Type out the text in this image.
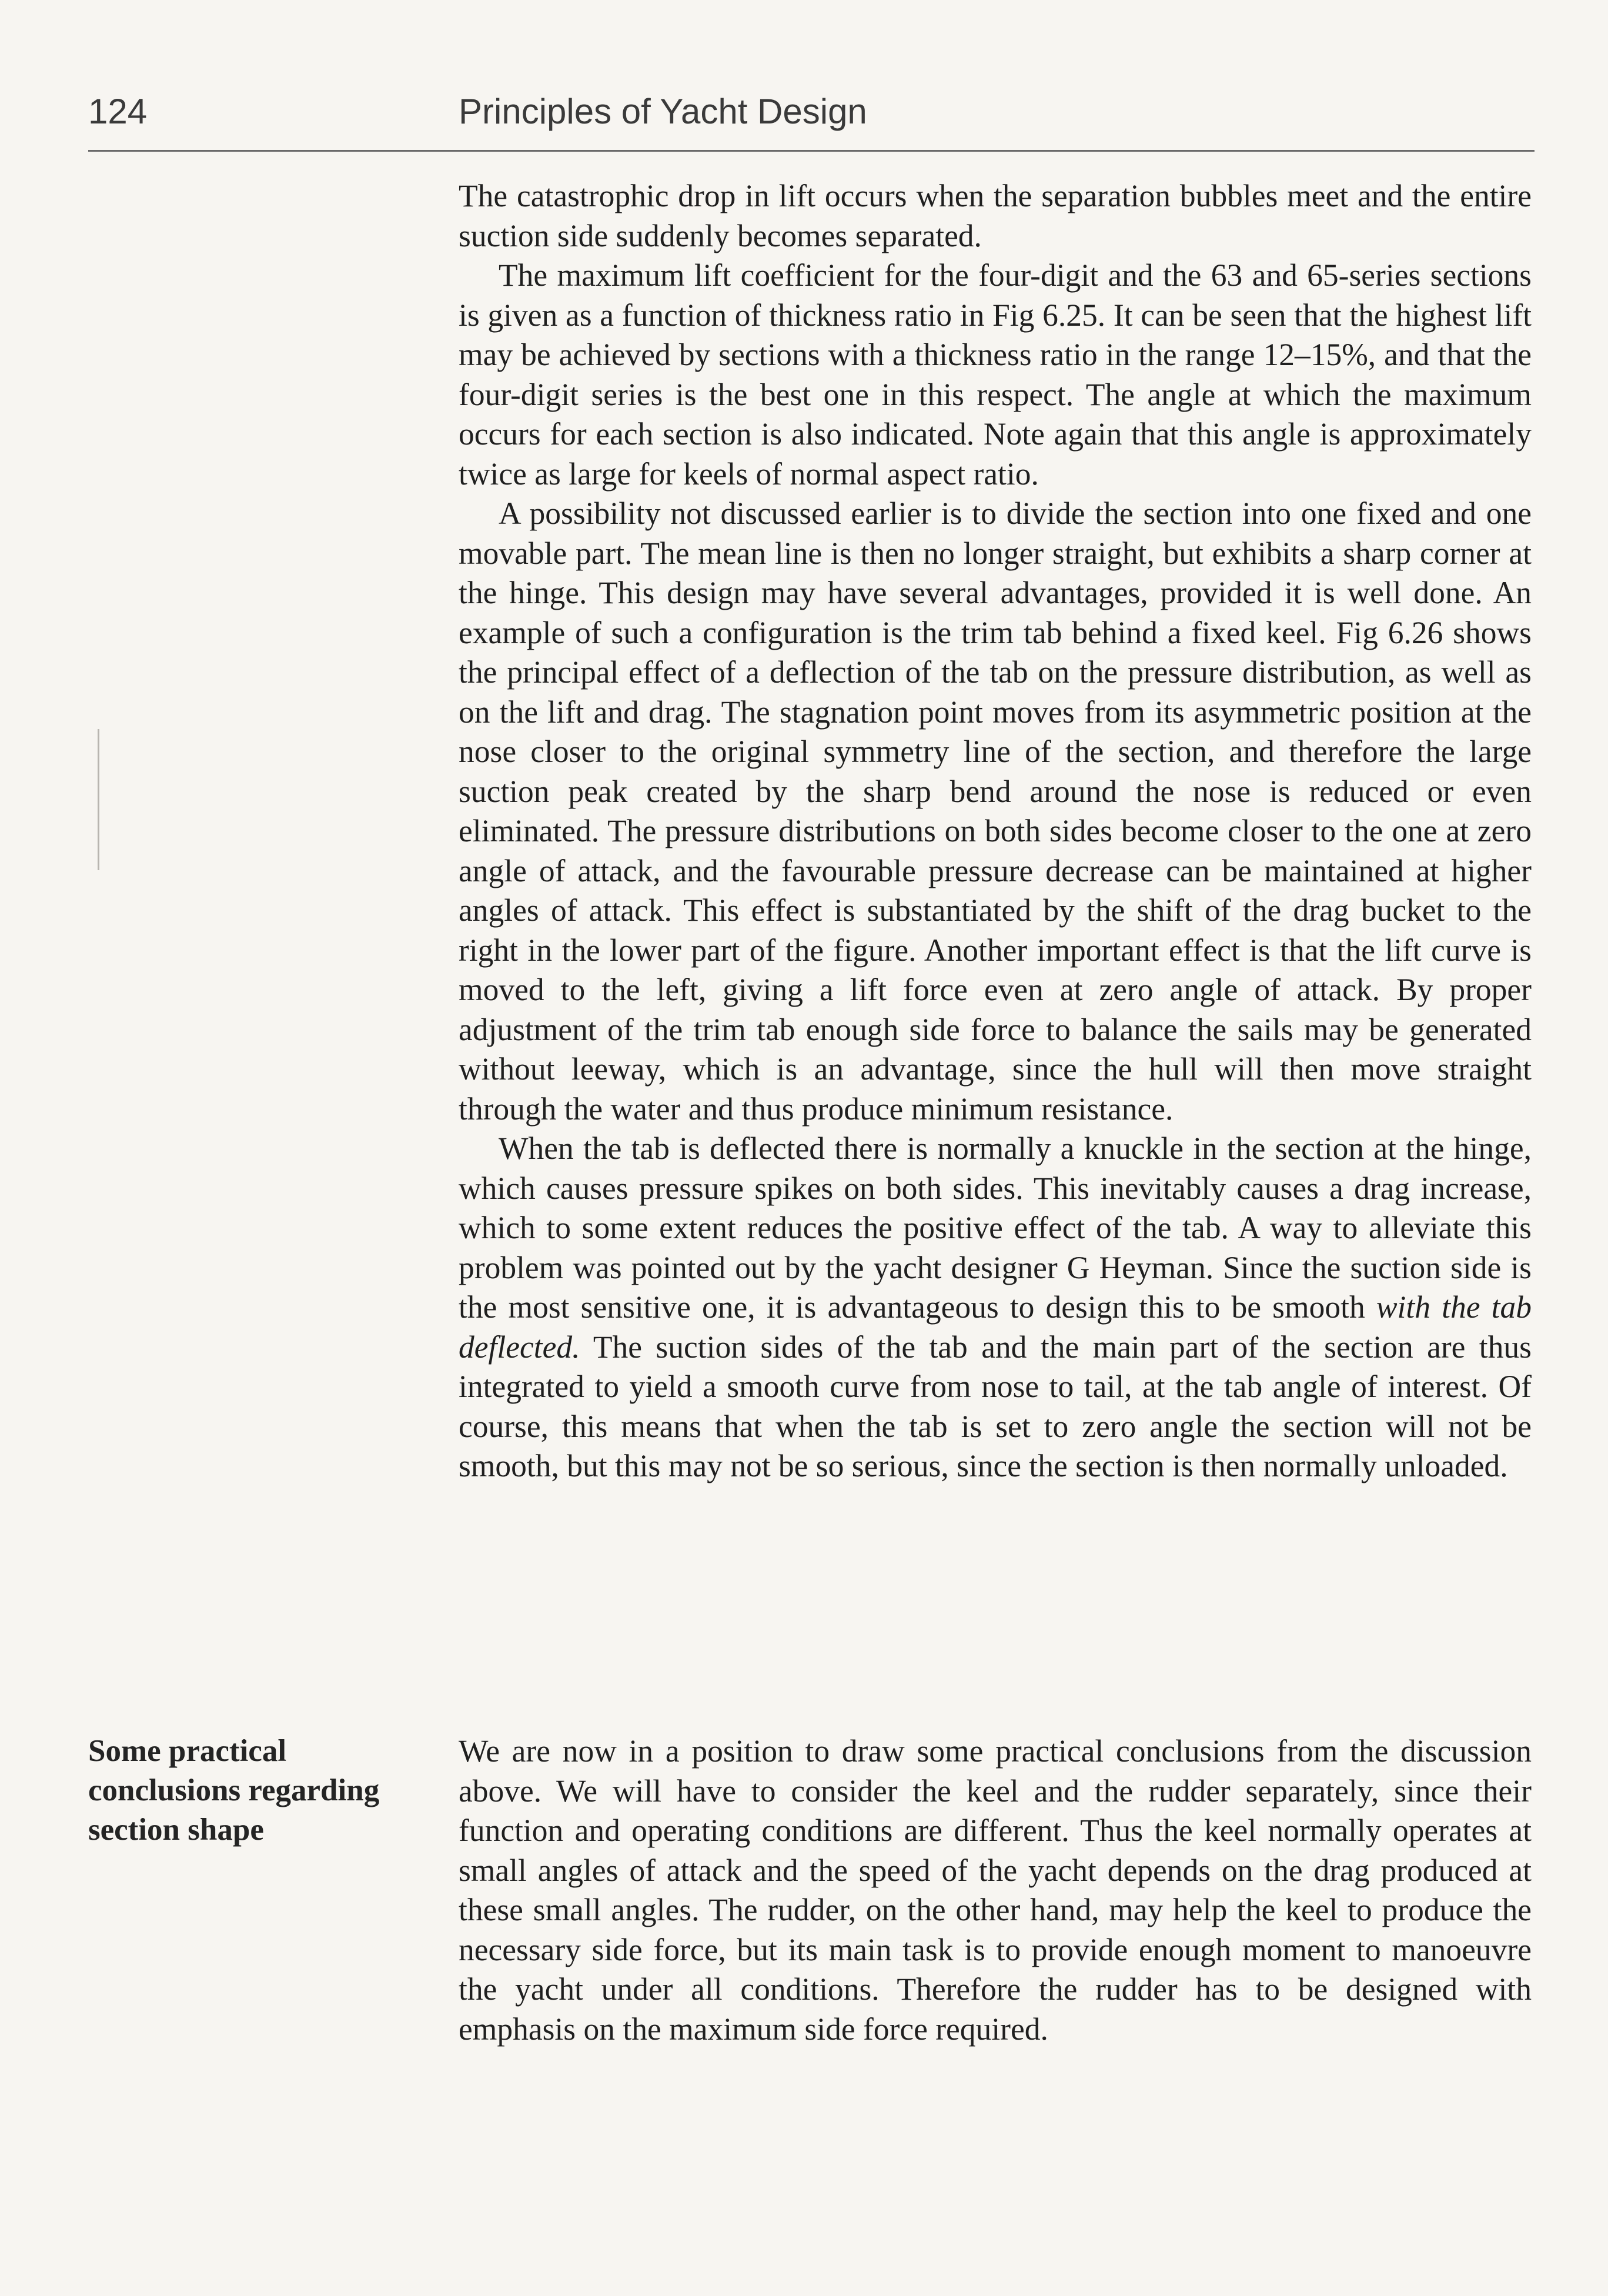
124	Principles of Yacht Design

The catastrophic drop in lift occurs when the separation bubbles meet and the entire suction side suddenly becomes separated.

The maximum lift coefficient for the four-digit and the 63 and 65-series sections is given as a function of thickness ratio in Fig 6.25. It can be seen that the highest lift may be achieved by sections with a thickness ratio in the range 12–15%, and that the four-digit series is the best one in this respect. The angle at which the maximum occurs for each section is also indicated. Note again that this angle is approximately twice as large for keels of normal aspect ratio.

A possibility not discussed earlier is to divide the section into one fixed and one movable part. The mean line is then no longer straight, but exhibits a sharp corner at the hinge. This design may have several advantages, provided it is well done. An example of such a configuration is the trim tab behind a fixed keel. Fig 6.26 shows the principal effect of a deflection of the tab on the pressure distribution, as well as on the lift and drag. The stagnation point moves from its asymmetric position at the nose closer to the original symmetry line of the section, and therefore the large suction peak created by the sharp bend around the nose is reduced or even eliminated. The pressure distributions on both sides become closer to the one at zero angle of attack, and the favourable pressure decrease can be maintained at higher angles of attack. This effect is substantiated by the shift of the drag bucket to the right in the lower part of the figure. Another important effect is that the lift curve is moved to the left, giving a lift force even at zero angle of attack. By proper adjustment of the trim tab enough side force to balance the sails may be generated without leeway, which is an advantage, since the hull will then move straight through the water and thus produce minimum resistance.

When the tab is deflected there is normally a knuckle in the section at the hinge, which causes pressure spikes on both sides. This inevitably causes a drag increase, which to some extent reduces the positive effect of the tab. A way to alleviate this problem was pointed out by the yacht designer G Heyman. Since the suction side is the most sensitive one, it is advantageous to design this to be smooth with the tab deflected. The suction sides of the tab and the main part of the section are thus integrated to yield a smooth curve from nose to tail, at the tab angle of interest. Of course, this means that when the tab is set to zero angle the section will not be smooth, but this may not be so serious, since the section is then normally unloaded.

Some practical
conclusions regarding
section shape

We are now in a position to draw some practical conclusions from the discussion above. We will have to consider the keel and the rudder separately, since their function and operating conditions are different. Thus the keel normally operates at small angles of attack and the speed of the yacht depends on the drag produced at these small angles. The rudder, on the other hand, may help the keel to produce the necessary side force, but its main task is to provide enough moment to manoeuvre the yacht under all conditions. Therefore the rudder has to be designed with emphasis on the maximum side force required.
